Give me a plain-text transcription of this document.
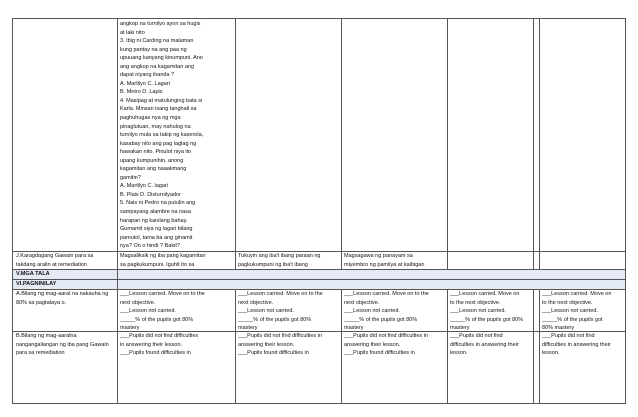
angkop na turnilyo ayon sa hugis
at laki nito
3. Ibig ni Carding na malaman
kung pantay na ang paa ng
upuuang kanyang kinumpuni. Ano
ang angkop na kagamitan ang
dapat niyang ihanda ?
A. Martilyo C. Lagari
B. Metro D. Lapis
4. Masipag at matulunging bata si
Karla. Minsan isang tanghali sa
paghuhugas nya ng mga
pinaglutuan, may nahulog na
turnilyo mula sa takip ng kaserola,
kasabay nito ang pag laglag ng
hawakan nito. Pinulot niya ito
upang kumpunihin, anong
kagamitan ang naaakmang
gamitin?
A. Martilyo C. lagari
B. Plais D. Disturnilyador
5. Nais ni Pedro na putulin ang
sampayang alambre na nasa
harapan ng kanilang bahay.
Gumamit siya ng lagari bilang
pamutol, tama ba ang ginamit
nya? Oo o hindi ? Bakit?
J.Karagdagang Gawain para sa
takdang aralin at remediation
Magsaliksik ng iba pang kagamitan
sa pagkukumpuni. Iguhit ito sa
Tukuyin ang iba't ibang paraan ng
pagkukumpuni ng iba't ibang
Magsagawa ng panayam sa
miyembro ng pamilya at kaibigan
V.MGA TALA
VI.PAGNINILAY
A.Bilang ng mag-aaral na nakauha ng
80% sa pagtataya o.
___Lesson carried. Move on to the
next objective.
___Lesson not carried.
_____% of the pupils got 80%
mastery
___Lesson carried. Move on to the
next objective.
___Lesson not carried.
_____% of the pupils got 80%
mastery
___Lesson carried. Move on to the
next objective.
___Lesson not carried.
_____% of the pupils got 80%
mastery
___Lesson carried. Move on
to the next objective.
___Lesson not carried.
_____% of the pupils got 80%
mastery
___Lesson carried. Move on
to the next objective.
___Lesson not carried.
_____% of the pupils got
80% mastery
B.Bilang ng mag-aaralna
nangangailangan ng iba pang Gawain
para sa remediation
___Pupils did not find difficulties
in answering their lesson.
___Pupils found difficulties in
___Pupils did not find difficulties in
answering their lesson.
___Pupils found difficulties in
___Pupils did not find difficulties in
answering their lesson.
___Pupils found difficulties in
___Pupils did not find
difficulties in answering their
lesson.
___Pupils did not find
difficulties in answering their
lesson.
